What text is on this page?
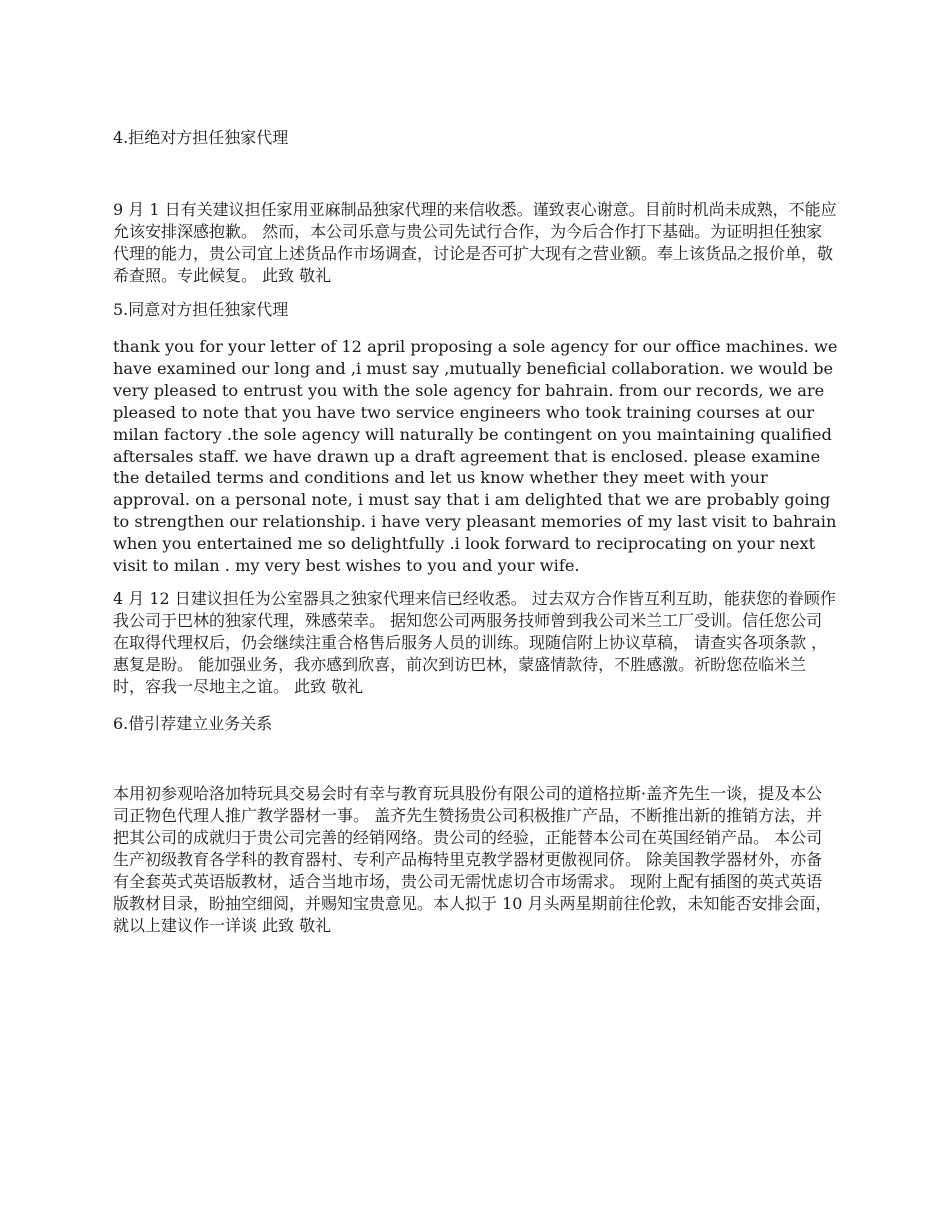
4.拒绝对方担任独家代理

9 月 1 日有关建议担任家用亚麻制品独家代理的来信收悉。谨致衷心谢意。目前时机尚未成熟，不能应允该安排深感抱歉。 然而，本公司乐意与贵公司先试行合作，为今后合作打下基础。为证明担任独家代理的能力，贵公司宜上述货品作市场调查，讨论是否可扩大现有之营业额。奉上该货品之报价单，敬希查照。专此候复。 此致 敬礼

5.同意对方担任独家代理

thank you for your letter of 12 april proposing a sole agency for our office machines. we have examined our long and ,i must say ,mutually beneficial collaboration. we would be very pleased to entrust you with the sole agency for bahrain. from our records, we are pleased to note that you have two service engineers who took training courses at our milan factory .the sole agency will naturally be contingent on you maintaining qualified aftersales staff. we have drawn up a draft agreement that is enclosed. please examine the detailed terms and conditions and let us know whether they meet with your approval. on a personal note, i must say that i am delighted that we are probably going to strengthen our relationship. i have very pleasant memories of my last visit to bahrain when you entertained me so delightfully .i look forward to reciprocating on your next visit to milan . my very best wishes to you and your wife.

4 月 12 日建议担任为公室器具之独家代理来信已经收悉。 过去双方合作皆互利互助，能获您的眷顾作我公司于巴林的独家代理，殊感荣幸。 据知您公司两服务技师曾到我公司米兰工厂受训。信任您公司在取得代理权后，仍会继续注重合格售后服务人员的训练。现随信附上协议草稿， 请查实各项条款 ，惠复是盼。 能加强业务，我亦感到欣喜，前次到访巴林，蒙盛情款待，不胜感激。祈盼您莅临米兰时，容我一尽地主之谊。 此致 敬礼

6.借引荐建立业务关系

本用初参观哈洛加特玩具交易会时有幸与教育玩具股份有限公司的道格拉斯·盖齐先生一谈，提及本公司正物色代理人推广教学器材一事。 盖齐先生赞扬贵公司积极推广产品，不断推出新的推销方法，并把其公司的成就归于贵公司完善的经销网络。贵公司的经验，正能替本公司在英国经销产品。 本公司生产初级教育各学科的教育器村、专利产品梅特里克教学器材更傲视同侪。 除美国教学器材外，亦备有全套英式英语版教材，适合当地市场，贵公司无需忧虑切合市场需求。 现附上配有插图的英式英语版教材目录，盼抽空细阅，并赐知宝贵意见。本人拟于 10 月头两星期前往伦敦，未知能否安排会面，就以上建议作一详谈 此致 敬礼
